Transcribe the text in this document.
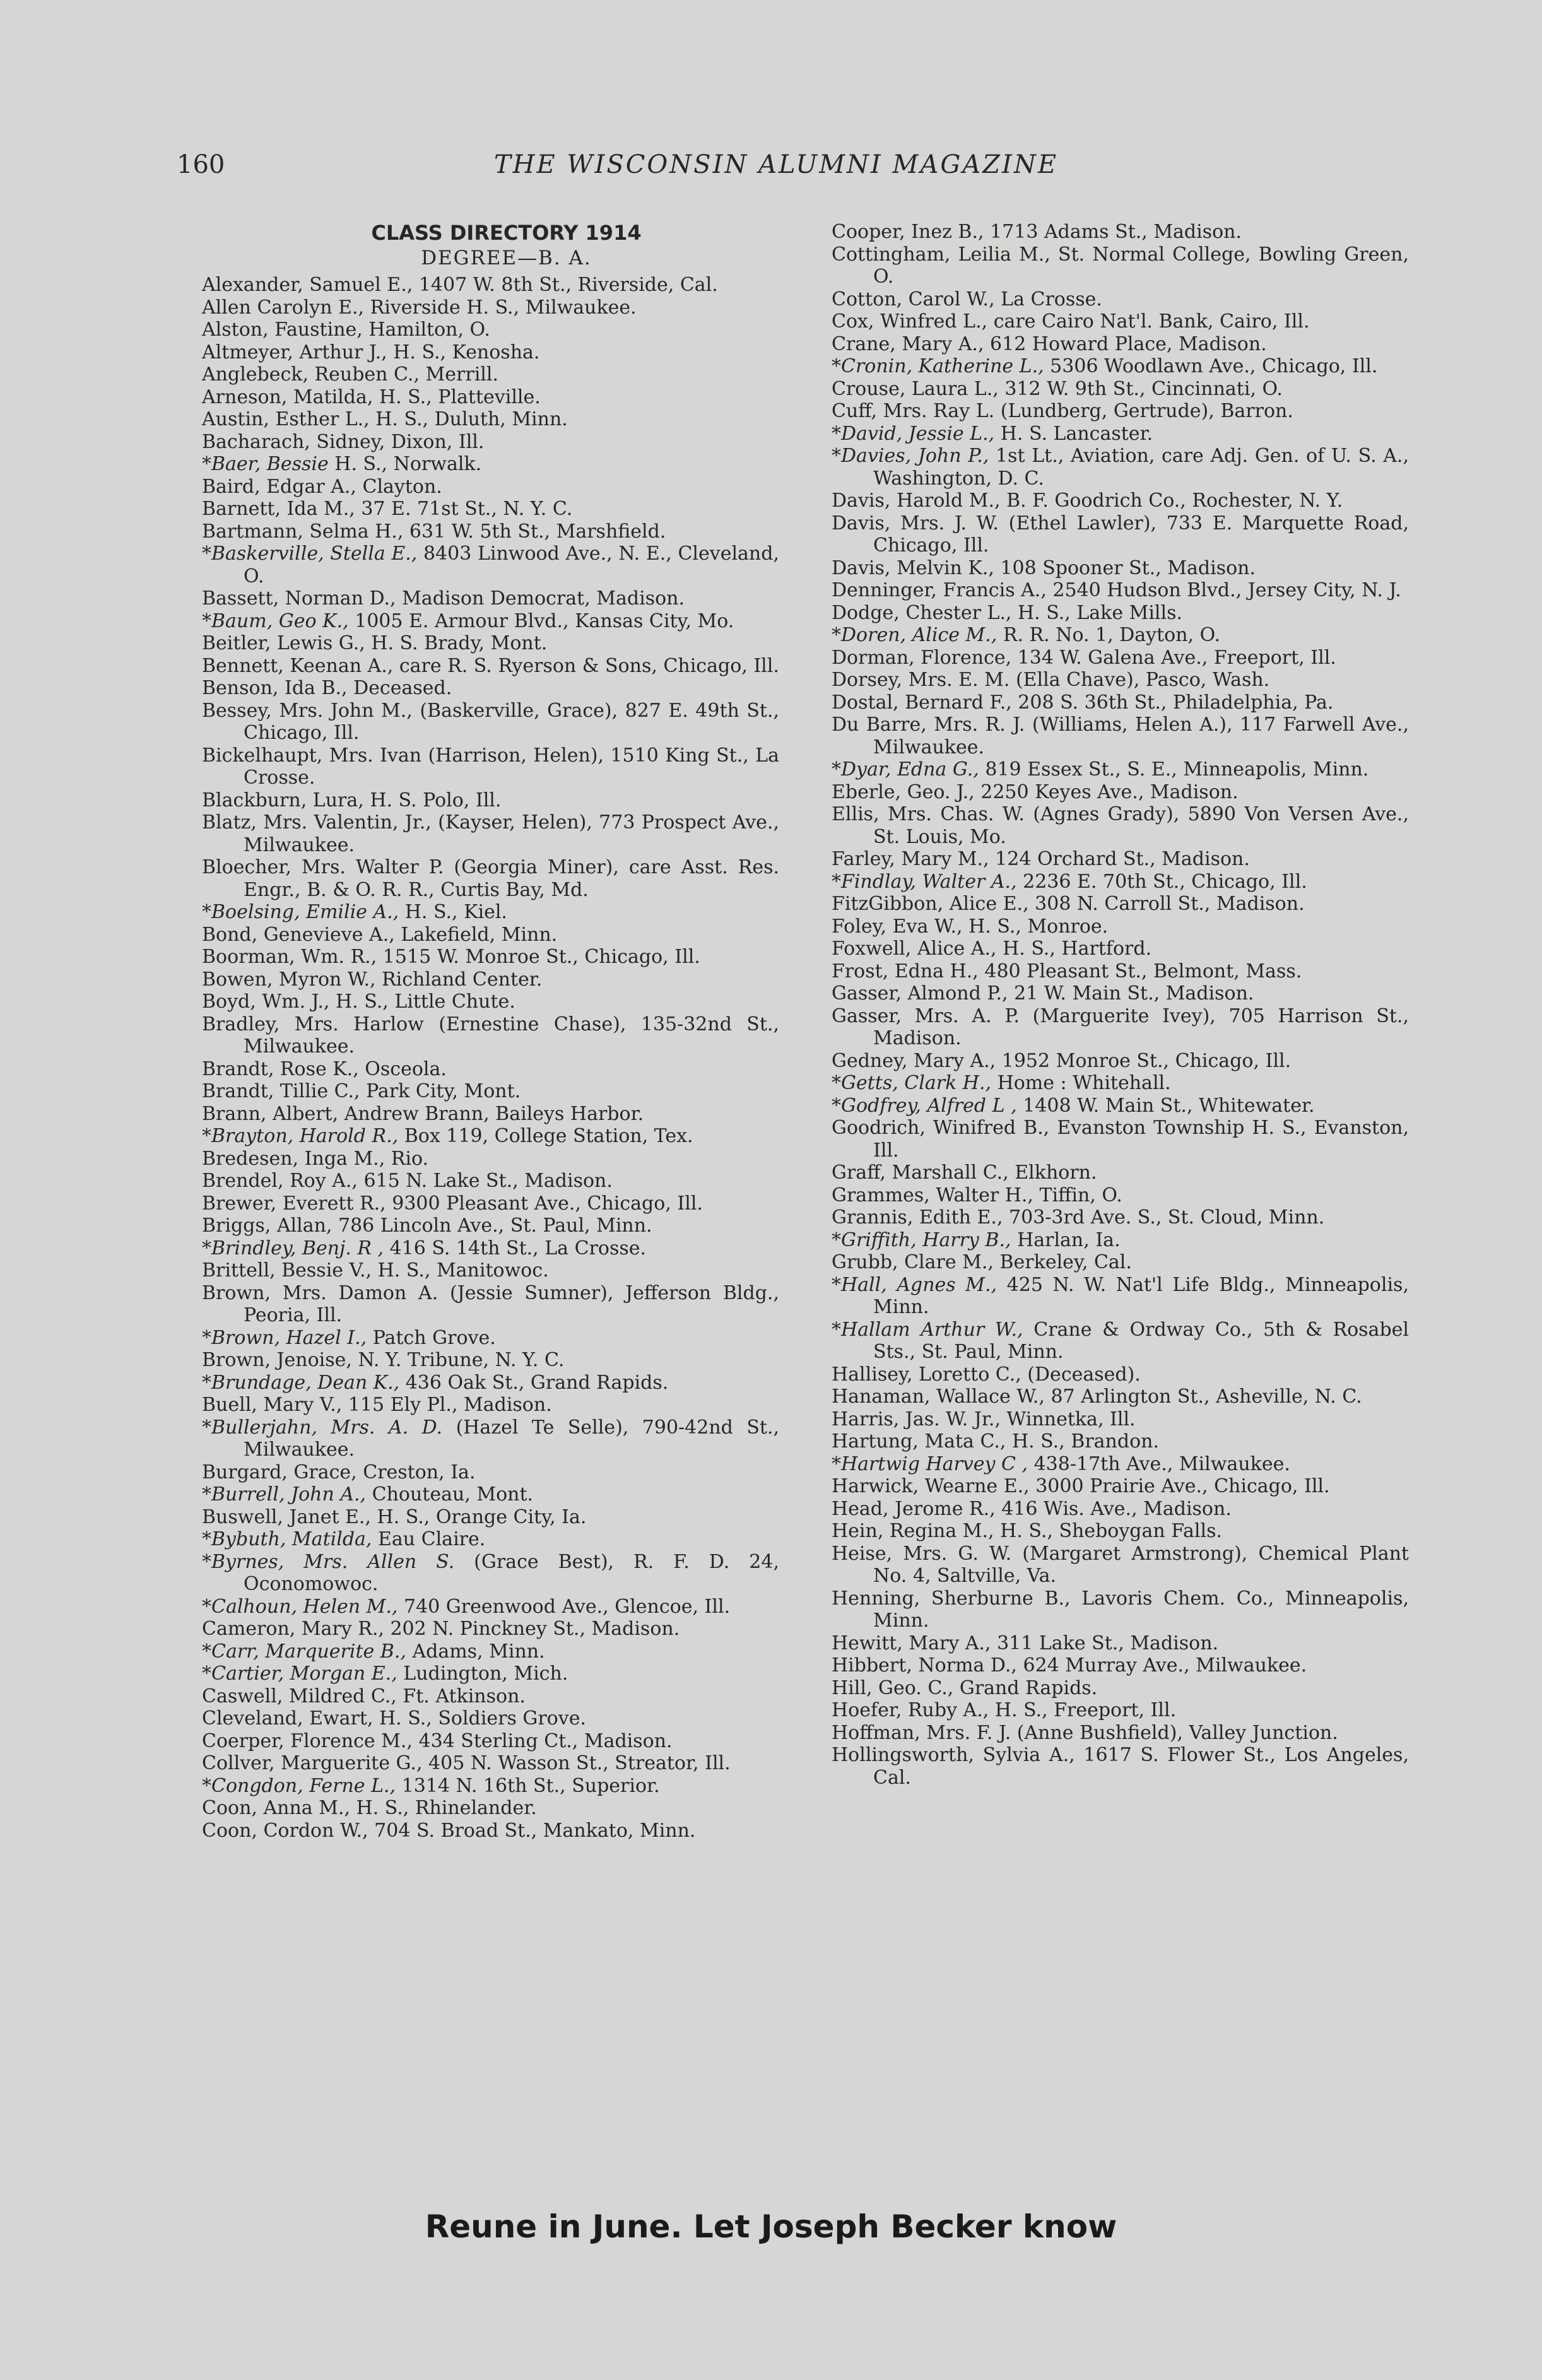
160	THE WISCONSIN ALUMNI MAGAZINE
CLASS DIRECTORY 1914
DEGREE—B. A.

Alexander, Samuel E., 1407 W. 8th St., Riverside, Cal.

Allen Carolyn E., Riverside H. S., Milwaukee.

Alston, Faustine, Hamilton, O.

Altmeyer, Arthur J., H. S., Kenosha.

Anglebeck, Reuben C., Merrill.

Arneson, Matilda, H. S., Platteville.

Austin, Esther L., H. S., Duluth, Minn.

Bacharach, Sidney, Dixon, Ill.

*Baer, Bessie H. S., Norwalk.

Baird, Edgar A., Clayton.

Barnett, Ida M., 37 E. 71st St., N. Y. C.

Bartmann, Selma H., 631 W. 5th St., Marshfield.

*Baskerville, Stella E., 8403 Linwood Ave., N. E., Cleveland, O.

Bassett, Norman D., Madison Democrat, Madison.

*Baum, Geo K., 1005 E. Armour Blvd., Kansas City, Mo.

Beitler, Lewis G., H. S. Brady, Mont.

Bennett, Keenan A., care R. S. Ryerson & Sons, Chicago, Ill.

Benson, Ida B., Deceased.

Bessey, Mrs. John M., (Baskerville, Grace), 827 E. 49th St., Chicago, Ill.

Bickelhaupt, Mrs. Ivan (Harrison, Helen), 1510 King St., La Crosse.

Blackburn, Lura, H. S. Polo, Ill.

Blatz, Mrs. Valentin, Jr., (Kayser, Helen), 773 Prospect Ave., Milwaukee.

Bloecher, Mrs. Walter P. (Georgia Miner), care Asst. Res. Engr., B. & O. R. R., Curtis Bay, Md.

*Boelsing, Emilie A., H. S., Kiel.

Bond, Genevieve A., Lakefield, Minn.

Boorman, Wm. R., 1515 W. Monroe St., Chicago, Ill.

Bowen, Myron W., Richland Center.

Boyd, Wm. J., H. S., Little Chute.

Bradley, Mrs. Harlow (Ernestine Chase), 135-32nd St., Milwaukee.

Brandt, Rose K., Osceola.

Brandt, Tillie C., Park City, Mont.

Brann, Albert, Andrew Brann, Baileys Harbor.

*Brayton, Harold R., Box 119, College Station, Tex.

Bredesen, Inga M., Rio.

Brendel, Roy A., 615 N. Lake St., Madison.

Brewer, Everett R., 9300 Pleasant Ave., Chicago, Ill.

Briggs, Allan, 786 Lincoln Ave., St. Paul, Minn.

*Brindley, Benj. R , 416 S. 14th St., La Crosse.

Brittell, Bessie V., H. S., Manitowoc.

Brown, Mrs. Damon A. (Jessie Sumner), Jefferson Bldg., Peoria, Ill.

*Brown, Hazel I., Patch Grove.

Brown, Jenoise, N. Y. Tribune, N. Y. C.

*Brundage, Dean K., 436 Oak St., Grand Rapids.

Buell, Mary V., 115 Ely Pl., Madison.

*Bullerjahn, Mrs. A. D. (Hazel Te Selle), 790-42nd St., Milwaukee.

Burgard, Grace, Creston, Ia.

*Burrell, John A., Chouteau, Mont.

Buswell, Janet E., H. S., Orange City, Ia.

*Bybuth, Matilda, Eau Claire.

*Byrnes, Mrs. Allen S. (Grace Best), R. F. D. 24, Oconomowoc.

*Calhoun, Helen M., 740 Greenwood Ave., Glencoe, Ill.

Cameron, Mary R., 202 N. Pinckney St., Madison.

*Carr, Marquerite B., Adams, Minn.

*Cartier, Morgan E., Ludington, Mich.

Caswell, Mildred C., Ft. Atkinson.

Cleveland, Ewart, H. S., Soldiers Grove.

Coerper, Florence M., 434 Sterling Ct., Madison.

Collver, Marguerite G., 405 N. Wasson St., Streator, Ill.

*Congdon, Ferne L., 1314 N. 16th St., Superior.

Coon, Anna M., H. S., Rhinelander.

Coon, Cordon W., 704 S. Broad St., Mankato, Minn.

Cooper, Inez B., 1713 Adams St., Madison.

Cottingham, Leilia M., St. Normal College, Bowling Green, O.

Cotton, Carol W., La Crosse.

Cox, Winfred L., care Cairo Nat'l. Bank, Cairo, Ill.

Crane, Mary A., 612 Howard Place, Madison.

*Cronin, Katherine L., 5306 Woodlawn Ave., Chicago, Ill.

Crouse, Laura L., 312 W. 9th St., Cincinnati, O.

Cuff, Mrs. Ray L. (Lundberg, Gertrude), Barron.

*David, Jessie L., H. S. Lancaster.

*Davies, John P., 1st Lt., Aviation, care Adj. Gen. of U. S. A., Washington, D. C.

Davis, Harold M., B. F. Goodrich Co., Rochester, N. Y.

Davis, Mrs. J. W. (Ethel Lawler), 733 E. Marquette Road, Chicago, Ill.

Davis, Melvin K., 108 Spooner St., Madison.

Denninger, Francis A., 2540 Hudson Blvd., Jersey City, N. J.

Dodge, Chester L., H. S., Lake Mills.

*Doren, Alice M., R. R. No. 1, Dayton, O.

Dorman, Florence, 134 W. Galena Ave., Freeport, Ill.

Dorsey, Mrs. E. M. (Ella Chave), Pasco, Wash.

Dostal, Bernard F., 208 S. 36th St., Philadelphia, Pa.

Du Barre, Mrs. R. J. (Williams, Helen A.), 117 Farwell Ave., Milwaukee.

*Dyar, Edna G., 819 Essex St., S. E., Minneapolis, Minn.

Eberle, Geo. J., 2250 Keyes Ave., Madison.

Ellis, Mrs. Chas. W. (Agnes Grady), 5890 Von Versen Ave., St. Louis, Mo.

Farley, Mary M., 124 Orchard St., Madison.

*Findlay, Walter A., 2236 E. 70th St., Chicago, Ill.

FitzGibbon, Alice E., 308 N. Carroll St., Madison.

Foley, Eva W., H. S., Monroe.

Foxwell, Alice A., H. S., Hartford.

Frost, Edna H., 480 Pleasant St., Belmont, Mass.

Gasser, Almond P., 21 W. Main St., Madison.

Gasser, Mrs. A. P. (Marguerite Ivey), 705 Harrison St., Madison.

Gedney, Mary A., 1952 Monroe St., Chicago, Ill.

*Getts, Clark H., Home : Whitehall.

*Godfrey, Alfred L , 1408 W. Main St., Whitewater.

Goodrich, Winifred B., Evanston Township H. S., Evanston, Ill.

Graff, Marshall C., Elkhorn.

Grammes, Walter H., Tiffin, O.

Grannis, Edith E., 703-3rd Ave. S., St. Cloud, Minn.

*Griffith, Harry B., Harlan, Ia.

Grubb, Clare M., Berkeley, Cal.

*Hall, Agnes M., 425 N. W. Nat'l Life Bldg., Minneapolis, Minn.

*Hallam Arthur W., Crane & Ordway Co., 5th & Rosabel Sts., St. Paul, Minn.

Hallisey, Loretto C., (Deceased).

Hanaman, Wallace W., 87 Arlington St., Asheville, N. C.

Harris, Jas. W. Jr., Winnetka, Ill.

Hartung, Mata C., H. S., Brandon.

*Hartwig Harvey C , 438-17th Ave., Milwaukee.

Harwick, Wearne E., 3000 Prairie Ave., Chicago, Ill.

Head, Jerome R., 416 Wis. Ave., Madison.

Hein, Regina M., H. S., Sheboygan Falls.

Heise, Mrs. G. W. (Margaret Armstrong), Chemical Plant No. 4, Saltville, Va.

Henning, Sherburne B., Lavoris Chem. Co., Minneapolis, Minn.

Hewitt, Mary A., 311 Lake St., Madison.

Hibbert, Norma D., 624 Murray Ave., Milwaukee.

Hill, Geo. C., Grand Rapids.

Hoefer, Ruby A., H. S., Freeport, Ill.

Hoffman, Mrs. F. J. (Anne Bushfield), Valley Junction.

Hollingsworth, Sylvia A., 1617 S. Flower St., Los Angeles, Cal.

Reune in June. Let Joseph Becker know
